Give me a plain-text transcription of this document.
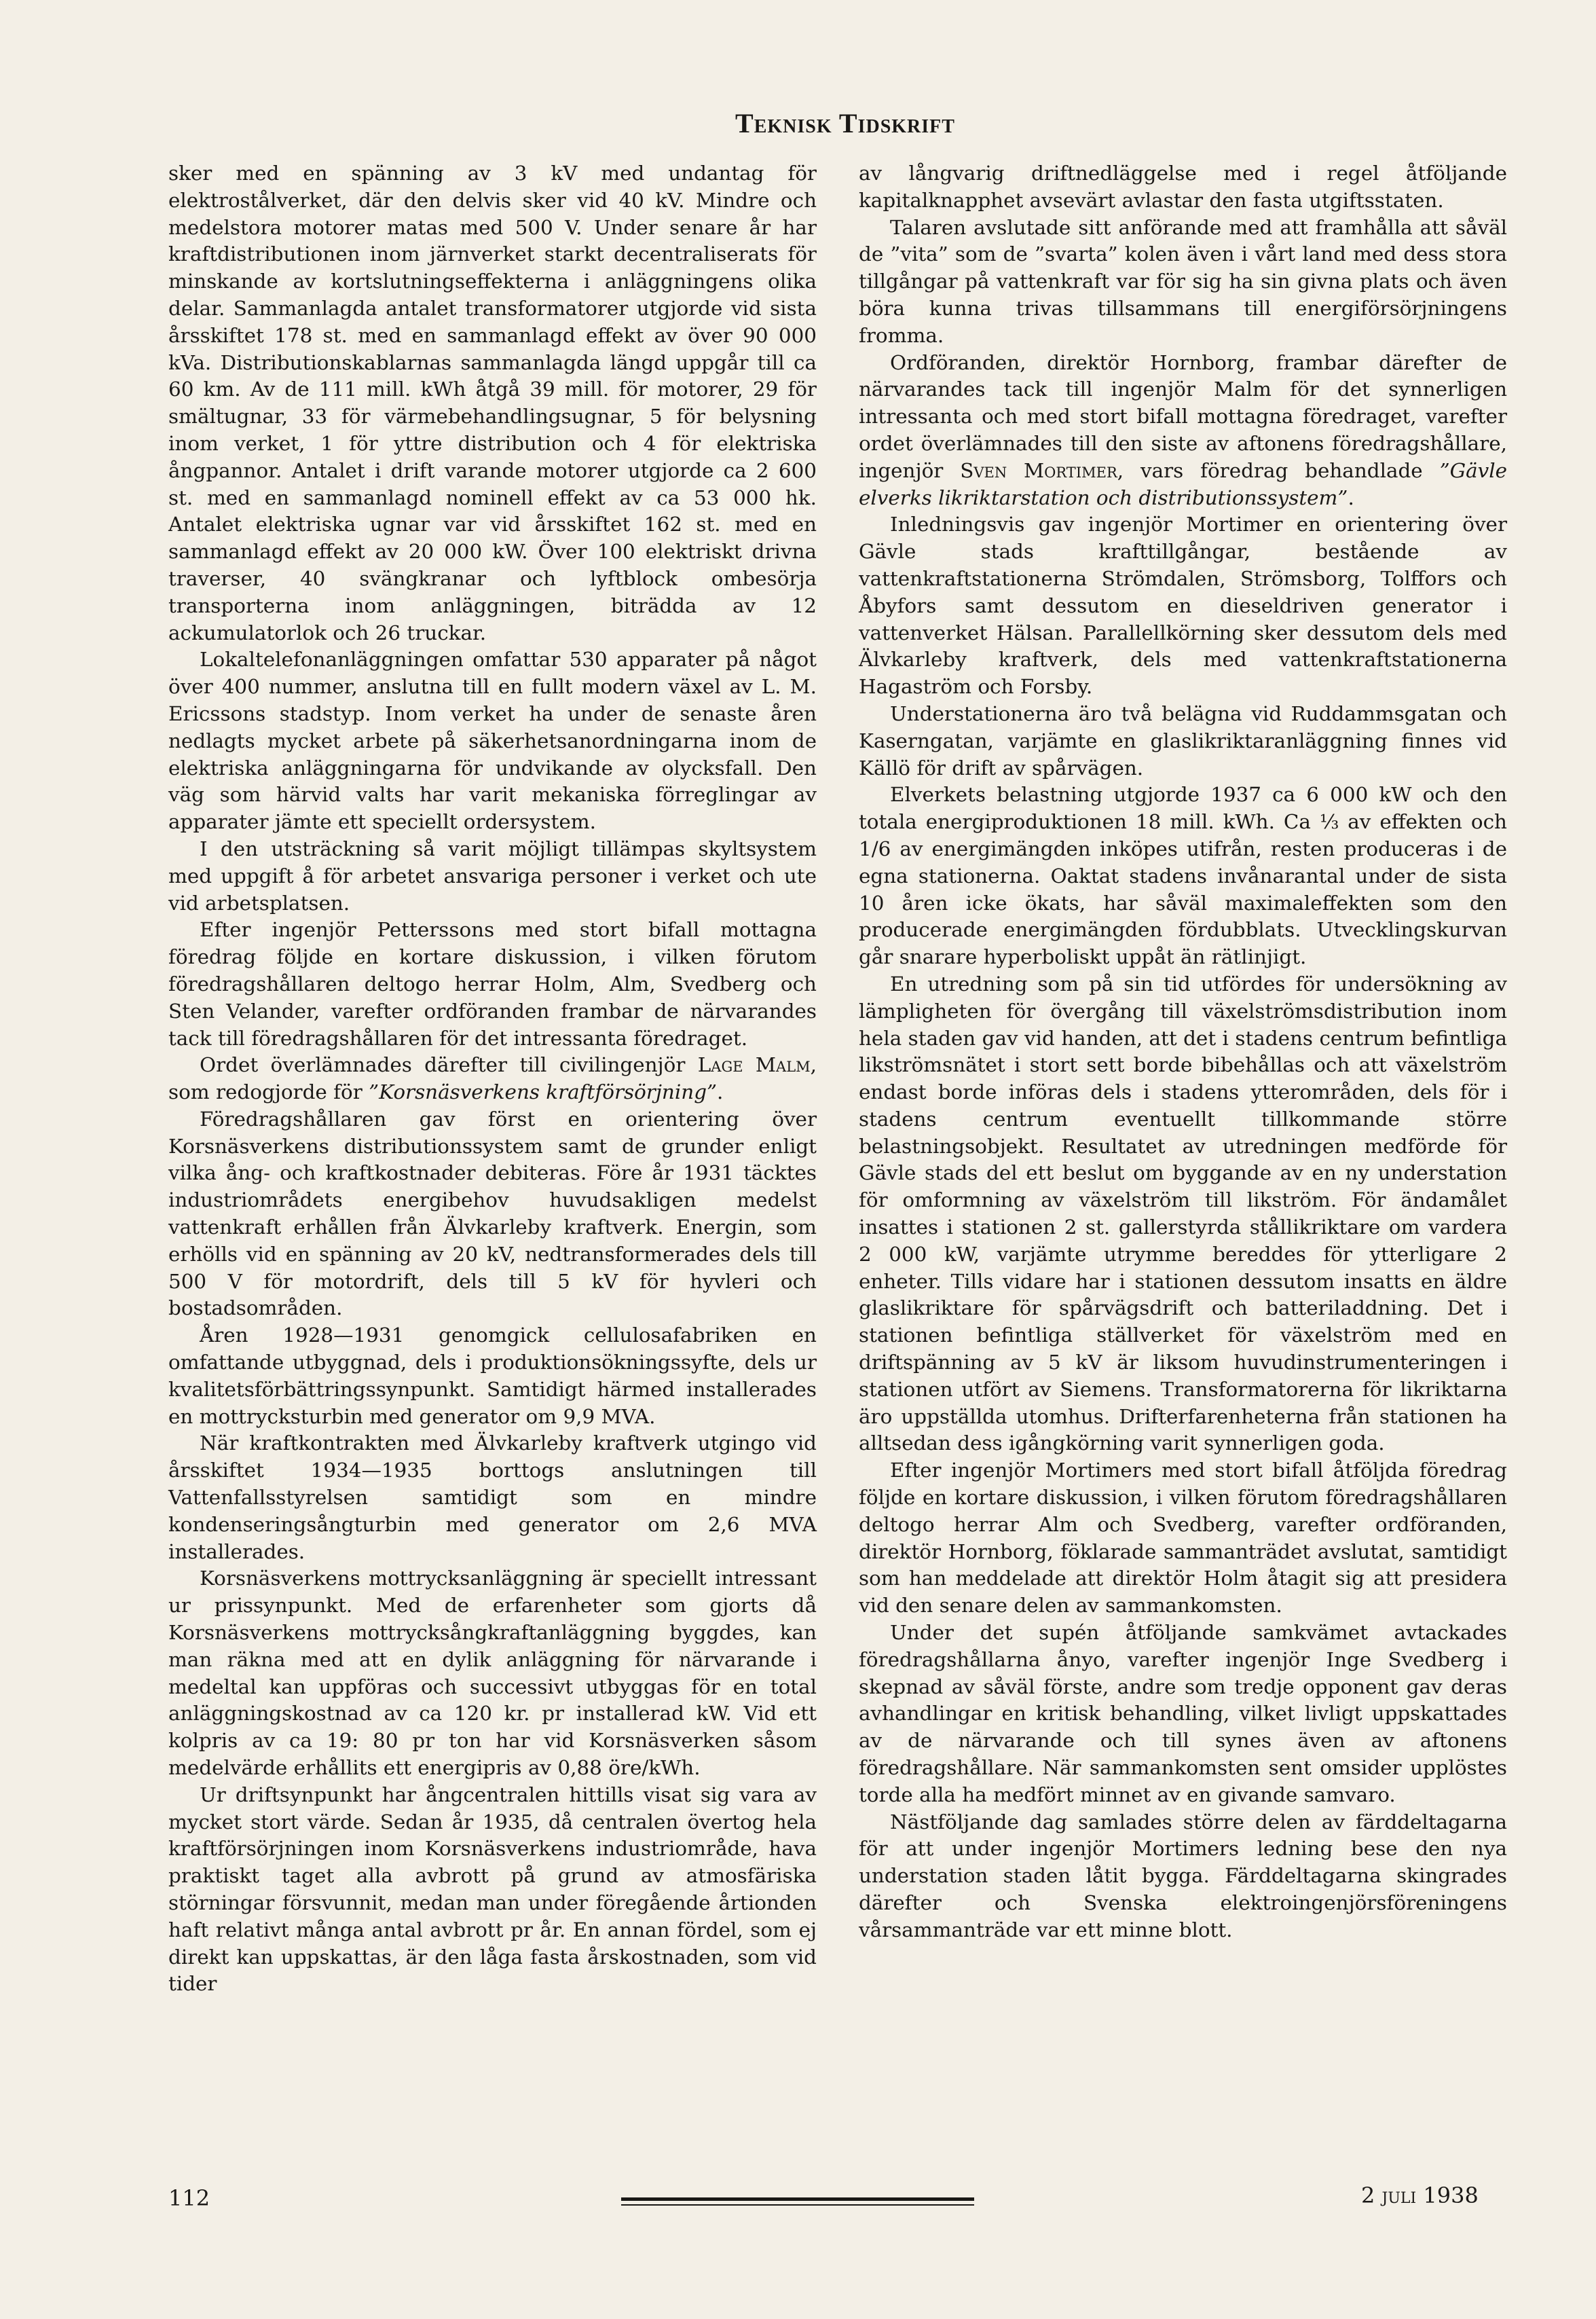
Teknisk Tidskrift

sker med en spänning av 3 kV med undantag för elektrostålverket, där den delvis sker vid 40 kV. Mindre och medelstora motorer matas med 500 V. Under senare år har kraftdistributionen inom järnverket starkt decentraliserats för minskande av kortslutningseffekterna i anläggningens olika delar. Sammanlagda antalet transformatorer utgjorde vid sista årsskiftet 178 st. med en sammanlagd effekt av över 90 000 kVa. Distributionskablarnas sammanlagda längd uppgår till ca 60 km. Av de 111 mill. kWh åtgå 39 mill. för motorer, 29 för smältugnar, 33 för värmebehandlingsugnar, 5 för belysning inom verket, 1 för yttre distribution och 4 för elektriska ångpannor. Antalet i drift varande motorer utgjorde ca 2 600 st. med en sammanlagd nominell effekt av ca 53 000 hk. Antalet elektriska ugnar var vid årsskiftet 162 st. med en sammanlagd effekt av 20 000 kW. Över 100 elektriskt drivna traverser, 40 svängkranar och lyftblock ombesörja transporterna inom anläggningen, biträdda av 12 ackumulatorlok och 26 truckar.

Lokaltelefonanläggningen omfattar 530 apparater på något över 400 nummer, anslutna till en fullt modern växel av L. M. Ericssons stadstyp. Inom verket ha under de senaste åren nedlagts mycket arbete på säkerhetsanordningarna inom de elektriska anläggningarna för undvikande av olycksfall. Den väg som härvid valts har varit mekaniska förreglingar av apparater jämte ett speciellt ordersystem.

I den utsträckning så varit möjligt tillämpas skyltsystem med uppgift å för arbetet ansvariga personer i verket och ute vid arbetsplatsen.

Efter ingenjör Petterssons med stort bifall mottagna föredrag följde en kortare diskussion, i vilken förutom föredragshållaren deltogo herrar Holm, Alm, Svedberg och Sten Velander, varefter ordföranden frambar de närvarandes tack till föredragshållaren för det intressanta föredraget.

Ordet överlämnades därefter till civilingenjör Lage Malm, som redogjorde för ”Korsnäsverkens kraftförsörjning”.

Föredragshållaren gav först en orientering över Korsnäsverkens distributionssystem samt de grunder enligt vilka ång- och kraftkostnader debiteras. Före år 1931 täcktes industriområdets energibehov huvudsakligen medelst vattenkraft erhållen från Älvkarleby kraftverk. Energin, som erhölls vid en spänning av 20 kV, nedtransformerades dels till 500 V för motordrift, dels till 5 kV för hyvleri och bostadsområden.

Åren 1928—1931 genomgick cellulosafabriken en omfattande utbyggnad, dels i produktionsökningssyfte, dels ur kvalitetsförbättringssynpunkt. Samtidigt härmed installerades en mottrycksturbin med generator om 9,9 MVA.

När kraftkontrakten med Älvkarleby kraftverk utgingo vid årsskiftet 1934—1935 borttogs anslutningen till Vattenfallsstyrelsen samtidigt som en mindre kondenseringsångturbin med generator om 2,6 MVA installerades.

Korsnäsverkens mottrycksanläggning är speciellt intressant ur prissynpunkt. Med de erfarenheter som gjorts då Korsnäsverkens mottrycksångkraftanläggning byggdes, kan man räkna med att en dylik anläggning för närvarande i medeltal kan uppföras och successivt utbyggas för en total anläggningskostnad av ca 120 kr. pr installerad kW. Vid ett kolpris av ca 19: 80 pr ton har vid Korsnäsverken såsom medelvärde erhållits ett energipris av 0,88 öre/kWh.

Ur driftsynpunkt har ångcentralen hittills visat sig vara av mycket stort värde. Sedan år 1935, då centralen övertog hela kraftförsörjningen inom Korsnäsverkens industriområde, hava praktiskt taget alla avbrott på grund av atmosfäriska störningar försvunnit, medan man under föregående årtionden haft relativt många antal avbrott pr år. En annan fördel, som ej direkt kan uppskattas, är den låga fasta årskostnaden, som vid tider

av långvarig driftnedläggelse med i regel åtföljande kapitalknapphet avsevärt avlastar den fasta utgiftsstaten.

Talaren avslutade sitt anförande med att framhålla att såväl de ”vita” som de ”svarta” kolen även i vårt land med dess stora tillgångar på vattenkraft var för sig ha sin givna plats och även böra kunna trivas tillsammans till energiförsörjningens fromma.

Ordföranden, direktör Hornborg, frambar därefter de närvarandes tack till ingenjör Malm för det synnerligen intressanta och med stort bifall mottagna föredraget, varefter ordet överlämnades till den siste av aftonens föredragshållare, ingenjör Sven Mortimer, vars föredrag behandlade ”Gävle elverks likriktarstation och distributionssystem”.

Inledningsvis gav ingenjör Mortimer en orientering över Gävle stads krafttillgångar, bestående av vattenkraftstationerna Strömdalen, Strömsborg, Tolffors och Åbyfors samt dessutom en dieseldriven generator i vattenverket Hälsan. Parallellkörning sker dessutom dels med Älvkarleby kraftverk, dels med vattenkraftstationerna Hagaström och Forsby.

Understationerna äro två belägna vid Ruddammsgatan och Kaserngatan, varjämte en glaslikriktaranläggning finnes vid Källö för drift av spårvägen.

Elverkets belastning utgjorde 1937 ca 6 000 kW och den totala energiproduktionen 18 mill. kWh. Ca ⅓ av effekten och 1/6 av energimängden inköpes utifrån, resten produceras i de egna stationerna. Oaktat stadens invånarantal under de sista 10 åren icke ökats, har såväl maximaleffekten som den producerade energimängden fördubblats. Utvecklingskurvan går snarare hyperboliskt uppåt än rätlinjigt.

En utredning som på sin tid utfördes för undersökning av lämpligheten för övergång till växelströmsdistribution inom hela staden gav vid handen, att det i stadens centrum befintliga likströmsnätet i stort sett borde bibehållas och att växelström endast borde införas dels i stadens ytterområden, dels för i stadens centrum eventuellt tillkommande större belastningsobjekt. Resultatet av utredningen medförde för Gävle stads del ett beslut om byggande av en ny understation för omformning av växelström till likström. För ändamålet insattes i stationen 2 st. gallerstyrda stållikriktare om vardera 2 000 kW, varjämte utrymme bereddes för ytterligare 2 enheter. Tills vidare har i stationen dessutom insatts en äldre glaslikriktare för spårvägsdrift och batteriladdning. Det i stationen befintliga ställverket för växelström med en driftspänning av 5 kV är liksom huvudinstrumenteringen i stationen utfört av Siemens. Transformatorerna för likriktarna äro uppställda utomhus. Drifterfarenheterna från stationen ha alltsedan dess igångkörning varit synnerligen goda.

Efter ingenjör Mortimers med stort bifall åtföljda föredrag följde en kortare diskussion, i vilken förutom föredragshållaren deltogo herrar Alm och Svedberg, varefter ordföranden, direktör Hornborg, föklarade sammanträdet avslutat, samtidigt som han meddelade att direktör Holm åtagit sig att presidera vid den senare delen av sammankomsten.

Under det supén åtföljande samkvämet avtackades föredragshållarna ånyo, varefter ingenjör Inge Svedberg i skepnad av såväl förste, andre som tredje opponent gav deras avhandlingar en kritisk behandling, vilket livligt uppskattades av de närvarande och till synes även av aftonens föredragshållare. När sammankomsten sent omsider upplöstes torde alla ha medfört minnet av en givande samvaro.

Nästföljande dag samlades större delen av färddeltagarna för att under ingenjör Mortimers ledning bese den nya understation staden låtit bygga. Färddeltagarna skingrades därefter och Svenska elektroingenjörsföreningens vårsammanträde var ett minne blott.

112	2 juli 1938
